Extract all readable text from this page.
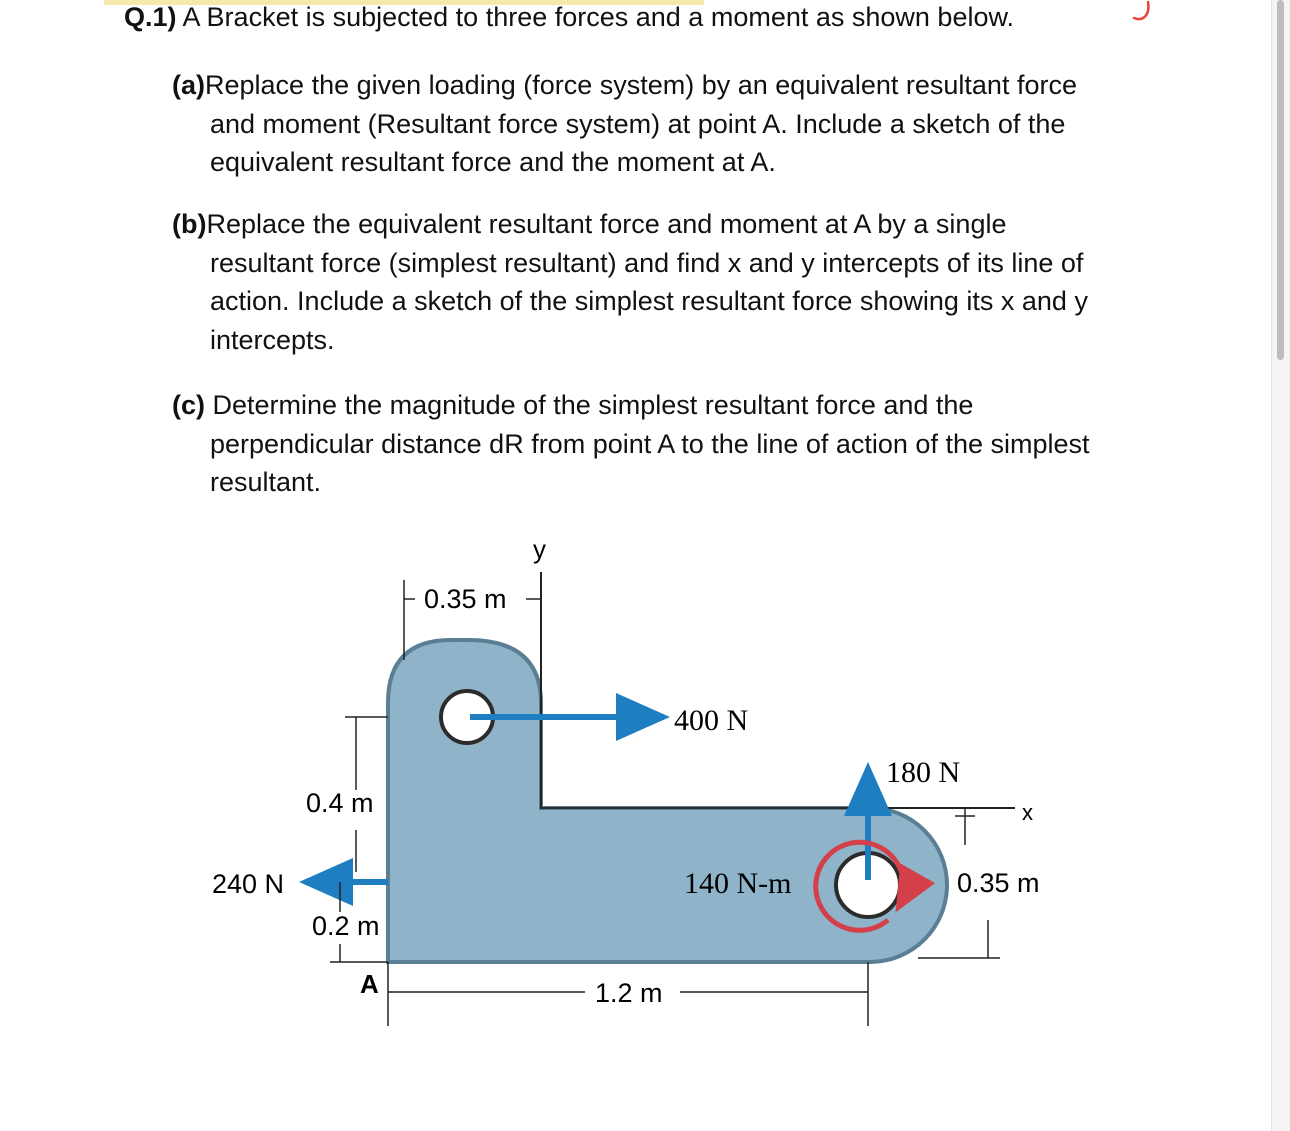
Q.1) A Bracket is subjected to three forces and a moment as shown below.
(a)Replace the given loading (force system) by an equivalent resultant force
and moment (Resultant force system) at point A. Include a sketch of the
equivalent resultant force and the moment at A.
(b)Replace the equivalent resultant force and moment at A by a single
resultant force (simplest resultant) and find x and y intercepts of its line of
action. Include a sketch of the simplest resultant force showing its x and y
intercepts.
(c) Determine the magnitude of the simplest resultant force and the
perpendicular distance dR from point A to the line of action of the simplest
resultant.
y
x
0.35 m
400 N
0.4 m
240 N
0.2 m
A	1.2 m
180 N
140 N-m	0.35 m
